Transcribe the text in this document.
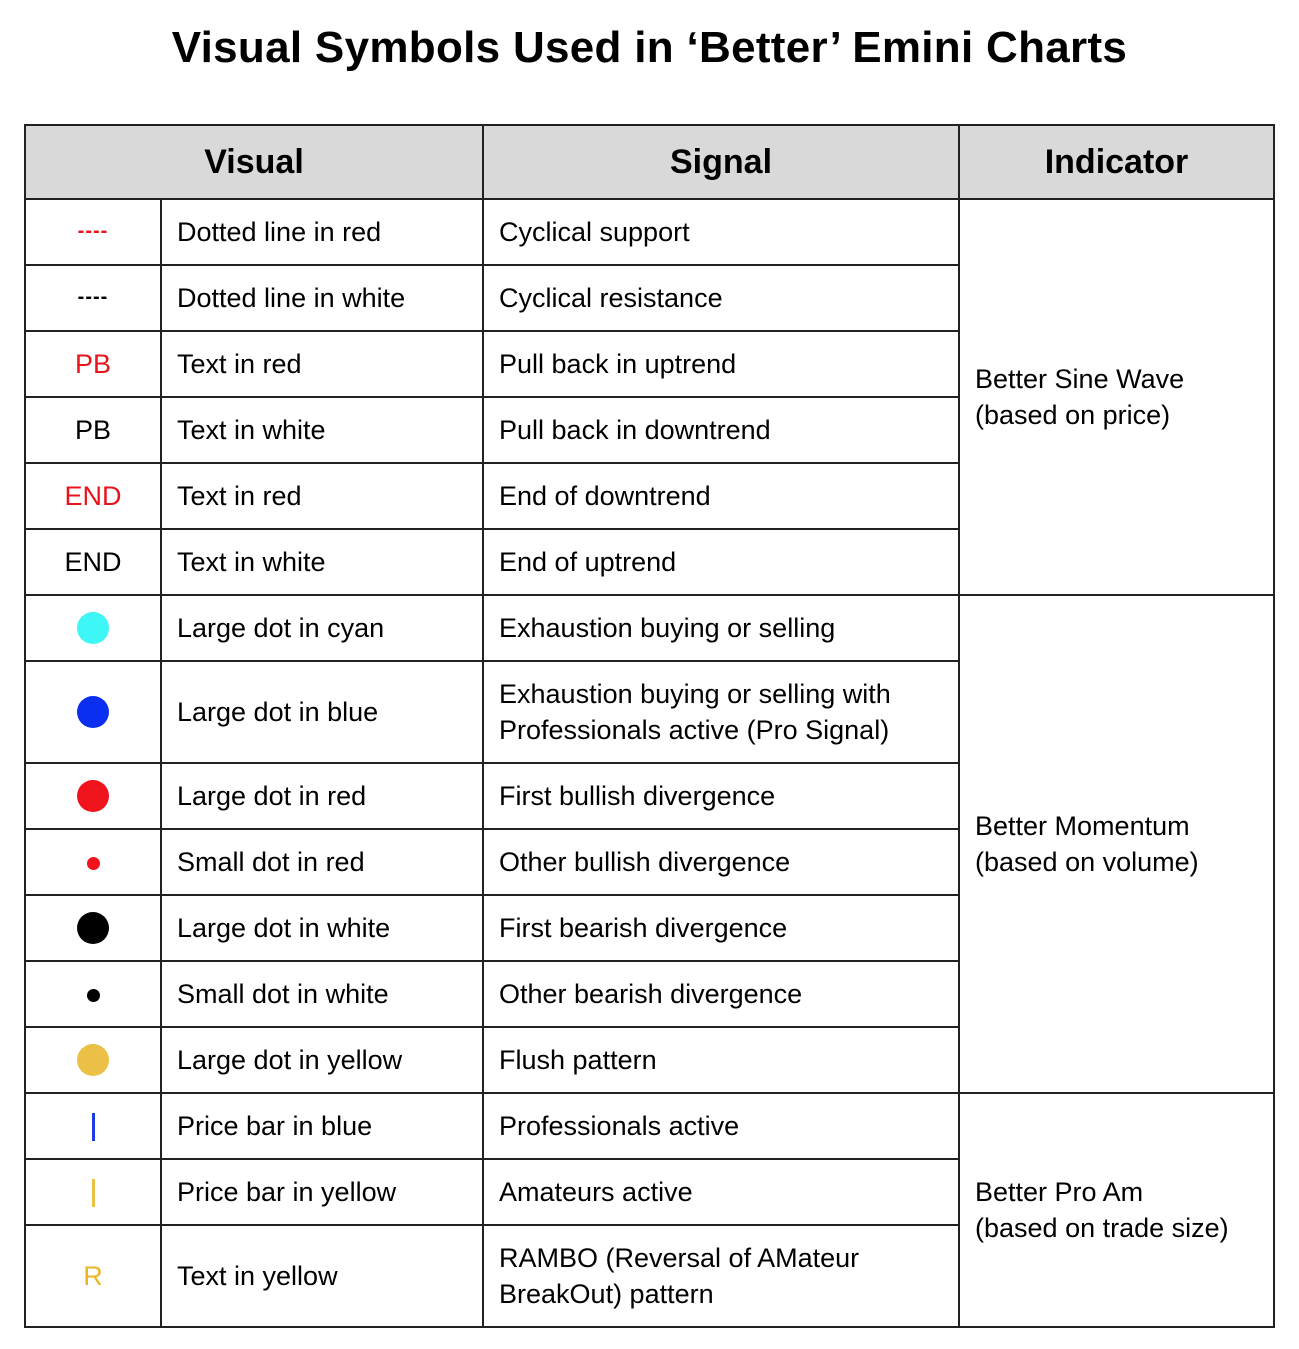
Visual Symbols Used in ‘Better’ Emini Charts
Visual		Signal	Indicator
----	Dotted line in red	Cyclical support	Better Sine Wave
(based on price)

----	Dotted line in white	Cyclical resistance	

PB	Text in red	Pull back in uptrend	

PB	Text in white	Pull back in downtrend	

END	Text in red	End of downtrend	

END	Text in white	End of uptrend	

	Large dot in cyan	Exhaustion buying or selling	Better Momentum
(based on volume)

	Large dot in blue	Exhaustion buying or selling with
Professionals active (Pro Signal)	

	Large dot in red	First bullish divergence	

	Small dot in red	Other bullish divergence	

	Large dot in white	First bearish divergence	

	Small dot in white	Other bearish divergence	

	Large dot in yellow	Flush pattern	

	Price bar in blue	Professionals active	Better Pro Am
(based on trade size)

	Price bar in yellow	Amateurs active	

R	Text in yellow	RAMBO (Reversal of AMateur
BreakOut) pattern	
